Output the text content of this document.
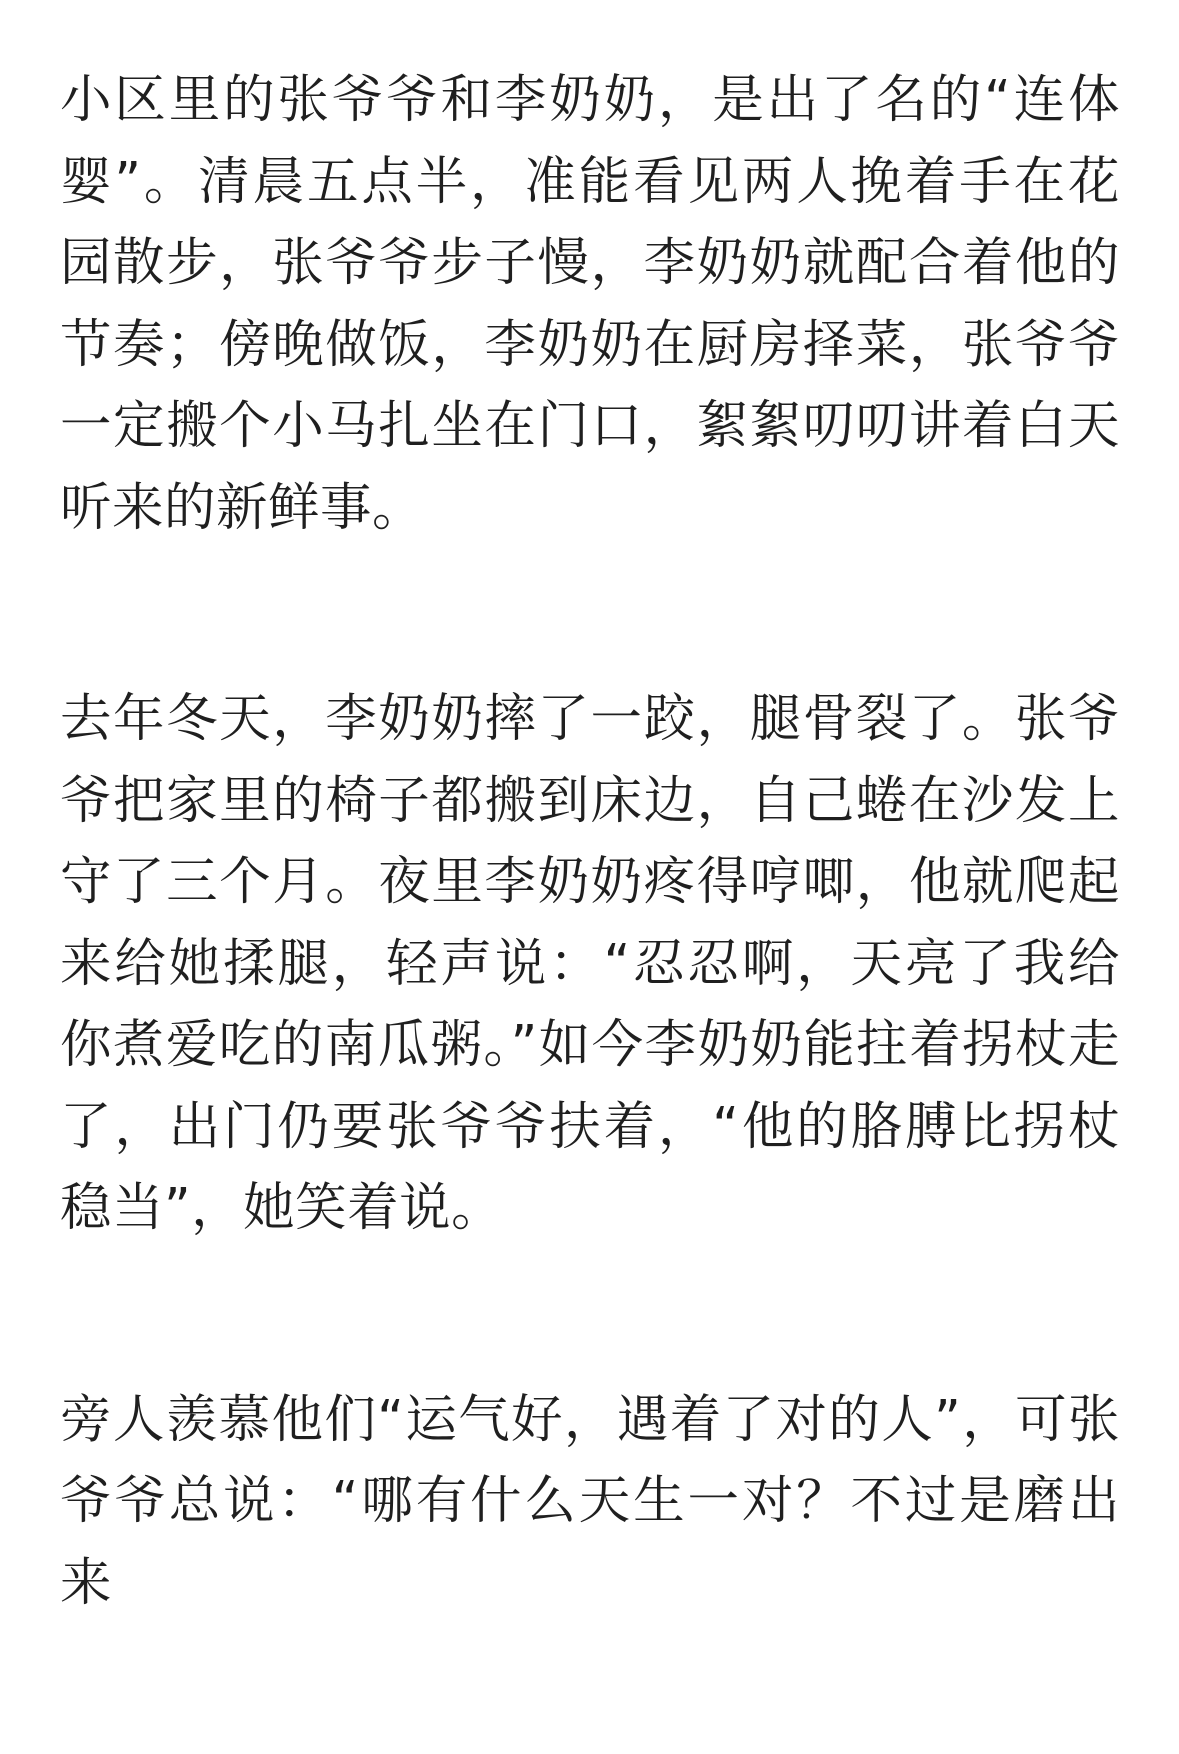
小区里的张爷爷和李奶奶，是出了名的“连体婴”。清晨五点半，准能看见两人挽着手在花园散步，张爷爷步子慢，李奶奶就配合着他的节奏；傍晚做饭，李奶奶在厨房择菜，张爷爷一定搬个小马扎坐在门口，絮絮叨叨讲着白天听来的新鲜事。

去年冬天，李奶奶摔了一跤，腿骨裂了。张爷爷把家里的椅子都搬到床边，自己蜷在沙发上守了三个月。夜里李奶奶疼得哼唧，他就爬起来给她揉腿，轻声说：“忍忍啊，天亮了我给你煮爱吃的南瓜粥。”如今李奶奶能拄着拐杖走了，出门仍要张爷爷扶着，“他的胳膊比拐杖稳当”，她笑着说。

旁人羡慕他们“运气好，遇着了对的人”，可张爷爷总说：“哪有什么天生一对？不过是磨出来
